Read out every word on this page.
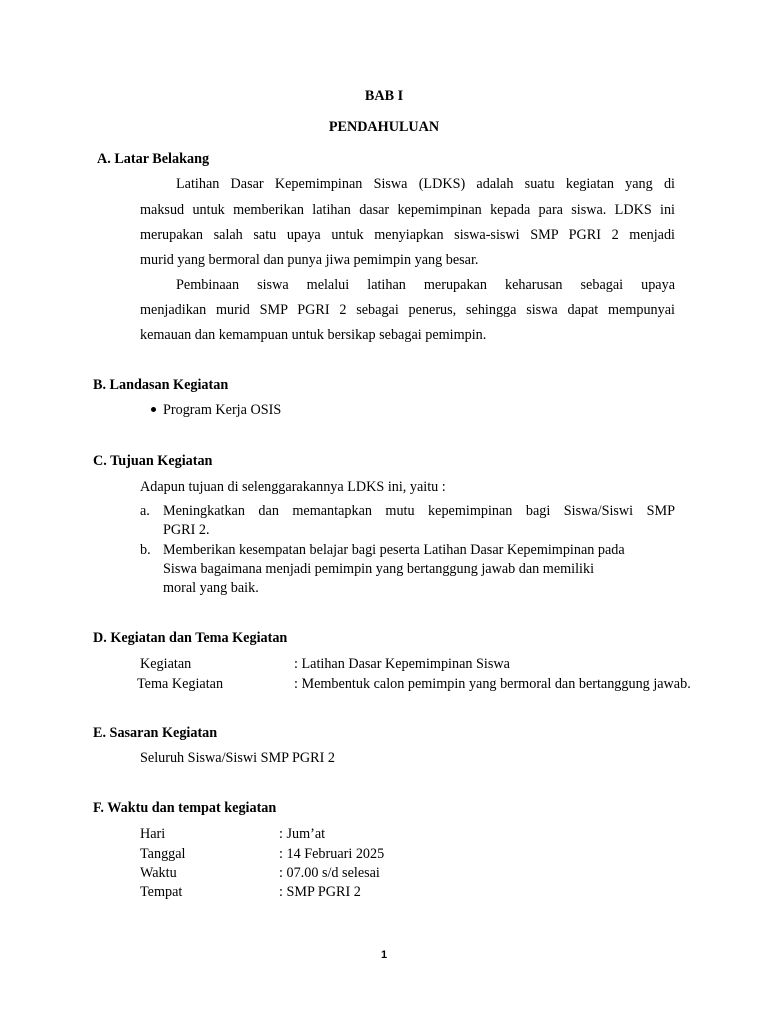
BAB I
PENDAHULUAN
A. Latar Belakang
Latihan Dasar Kepemimpinan Siswa (LDKS) adalah suatu kegiatan yang di
maksud untuk memberikan latihan dasar kepemimpinan kepada para siswa. LDKS ini
merupakan salah satu upaya untuk menyiapkan siswa-siswi SMP PGRI 2 menjadi
murid yang bermoral dan punya jiwa pemimpin yang besar.
Pembinaan siswa melalui latihan merupakan keharusan sebagai upaya
menjadikan murid SMP PGRI 2 sebagai penerus, sehingga siswa dapat mempunyai
kemauan dan kemampuan untuk bersikap sebagai pemimpin.
B. Landasan Kegiatan
Program Kerja OSIS
C. Tujuan Kegiatan
Adapun tujuan di selenggarakannya LDKS ini, yaitu :
a. Meningkatkan dan memantapkan mutu kepemimpinan bagi Siswa/Siswi SMP
PGRI 2.
b. Memberikan kesempatan belajar bagi peserta Latihan Dasar Kepemimpinan pada
Siswa bagaimana menjadi pemimpin yang bertanggung jawab dan memiliki
moral yang baik.
D. Kegiatan dan Tema Kegiatan
Kegiatan	: Latihan Dasar Kepemimpinan Siswa
Tema Kegiatan	: Membentuk calon pemimpin yang bermoral dan bertanggung jawab.
E. Sasaran Kegiatan
Seluruh Siswa/Siswi SMP PGRI 2
F. Waktu dan tempat kegiatan
Hari	: Jum’at
Tanggal	: 14 Februari 2025
Waktu	: 07.00 s/d selesai
Tempat	: SMP PGRI 2
1
